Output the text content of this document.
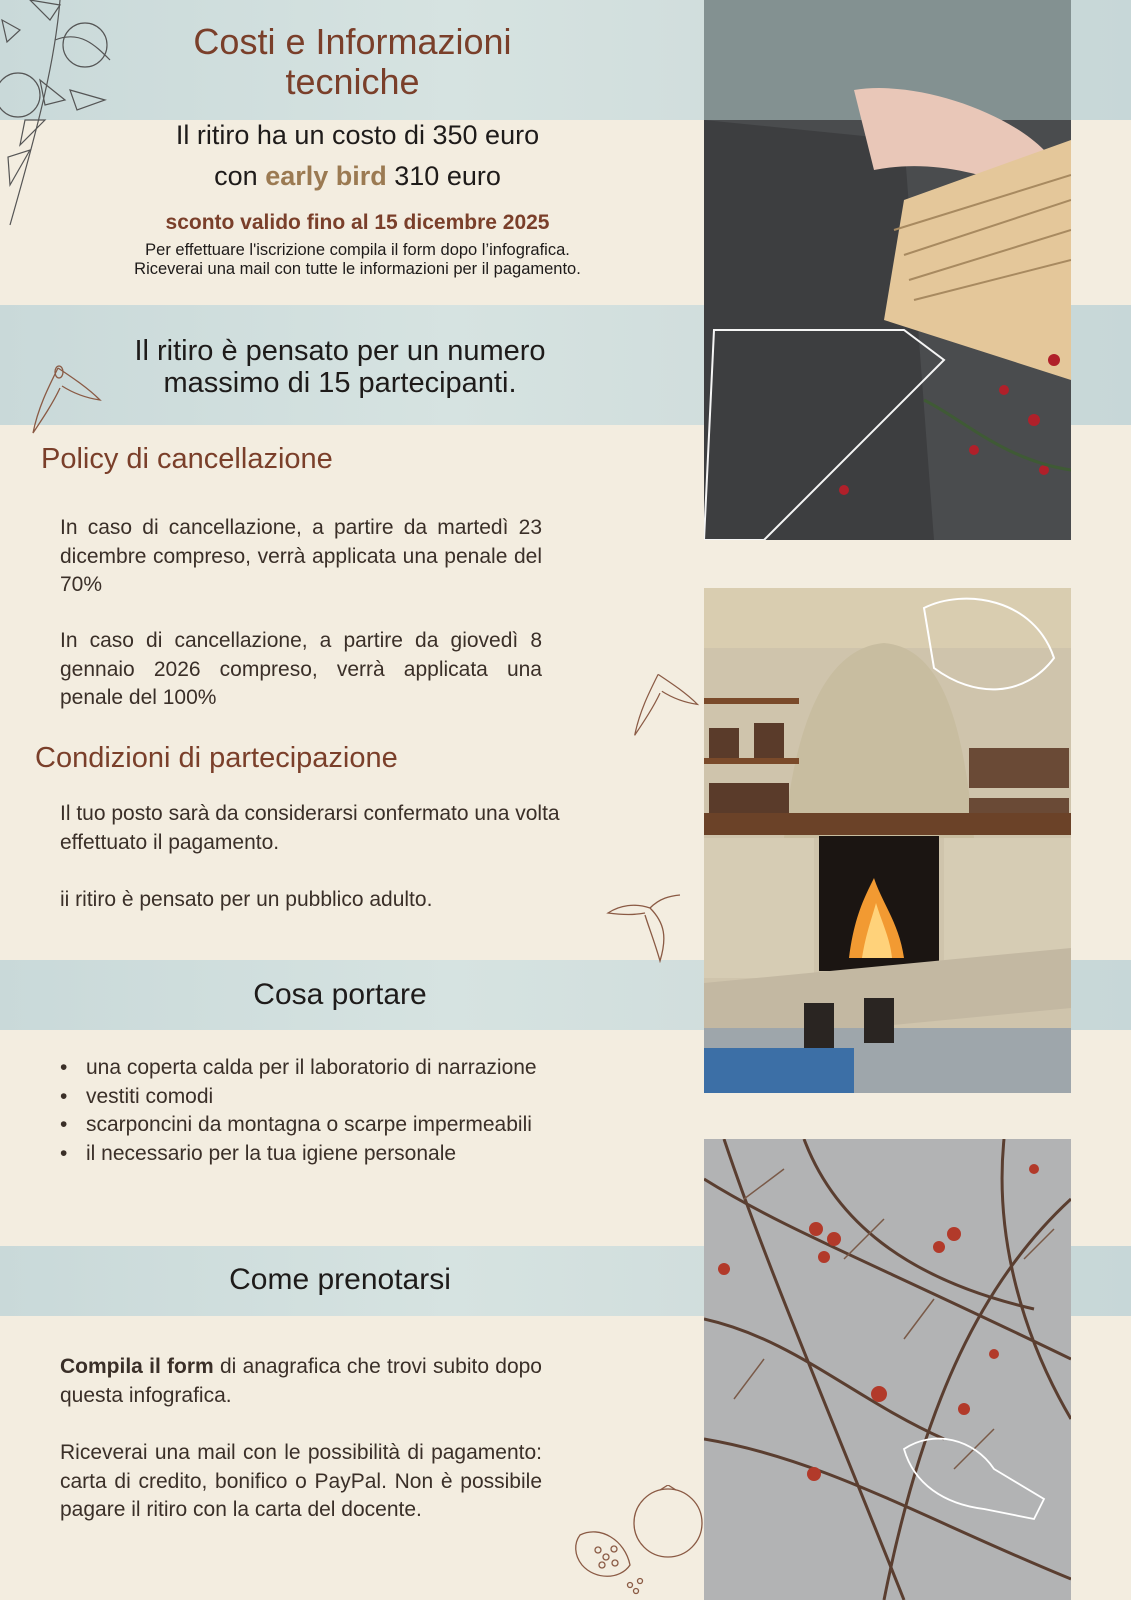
Costi e Informazioni tecniche

Il ritiro ha un costo di 350 euro

con early bird 310 euro

sconto valido fino al 15 dicembre 2025

Per effettuare l'iscrizione compila il form dopo l’infografica. Riceverai una mail con tutte le informazioni per il pagamento.

Il ritiro è pensato per un numero massimo di 15 partecipanti.

Policy di cancellazione

In caso di cancellazione, a partire da martedì 23 dicembre compreso, verrà applicata una penale del 70%

In caso di cancellazione, a partire da giovedì 8 gennaio 2026 compreso, verrà applicata una penale del 100%

Condizioni di partecipazione

Il tuo posto sarà da considerarsi confermato una volta effettuato il pagamento.

ii ritiro è pensato per un pubblico adulto.

Cosa portare
• una coperta calda per il laboratorio di narrazione
• vestiti comodi
• scarponcini da montagna o scarpe impermeabili
• il necessario per la tua igiene personale
Come prenotarsi

Compila il form di anagrafica che trovi subito dopo questa infografica.

Riceverai una mail con le possibilità di pagamento: carta di credito, bonifico o PayPal. Non è possibile pagare il ritiro con la carta del docente.
